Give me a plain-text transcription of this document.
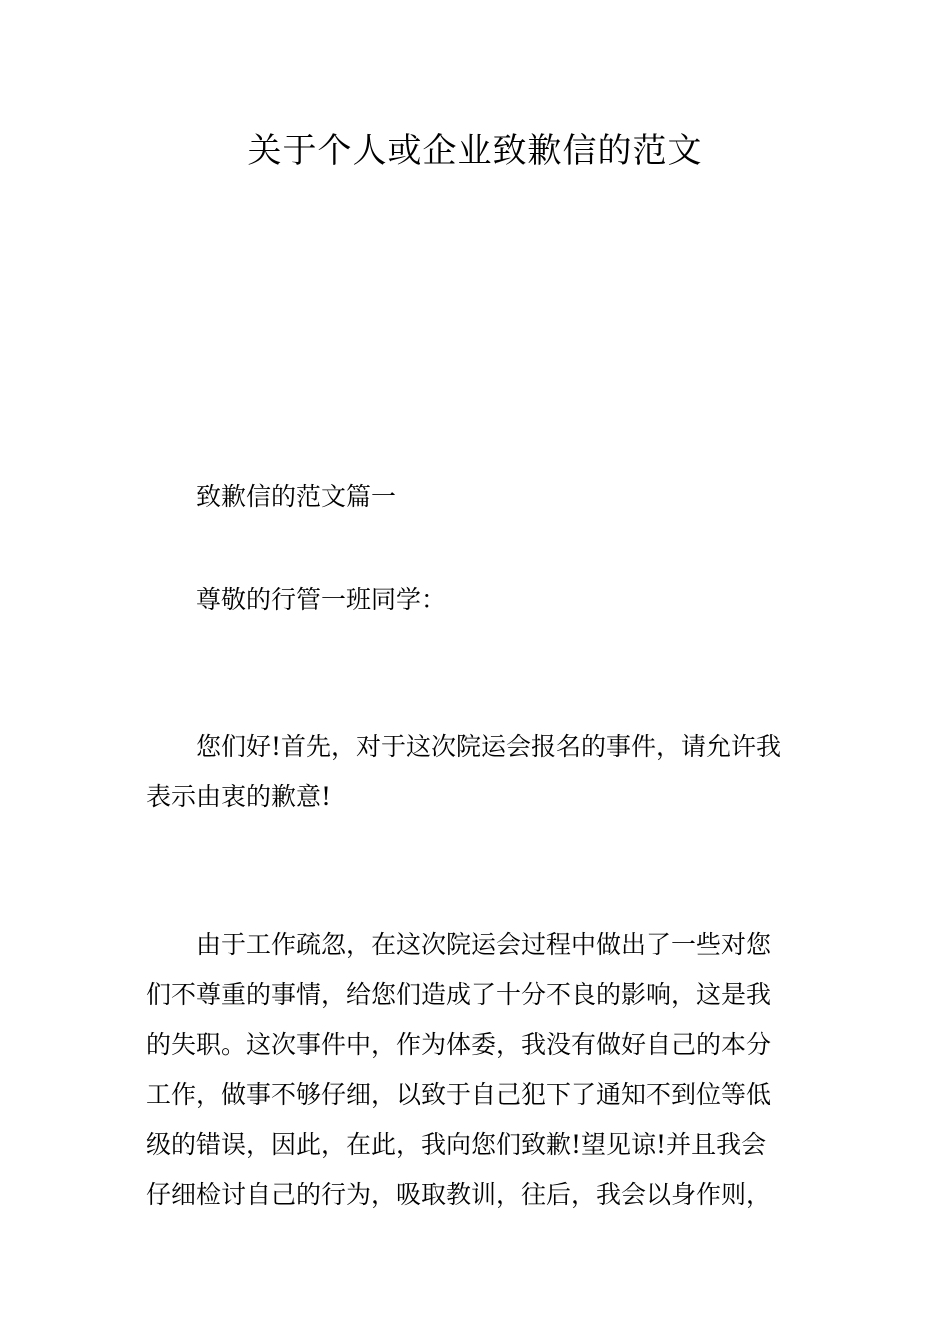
关于个人或企业致歉信的范文

致歉信的范文篇一

尊敬的行管一班同学：

您们好!首先，对于这次院运会报名的事件，请允许我
表示由衷的歉意!
由于工作疏忽，在这次院运会过程中做出了一些对您
们不尊重的事情，给您们造成了十分不良的影响，这是我
的失职。这次事件中，作为体委，我没有做好自己的本分
工作，做事不够仔细，以致于自己犯下了通知不到位等低
级的错误，因此，在此，我向您们致歉!望见谅!并且我会
仔细检讨自己的行为，吸取教训，往后，我会以身作则，
